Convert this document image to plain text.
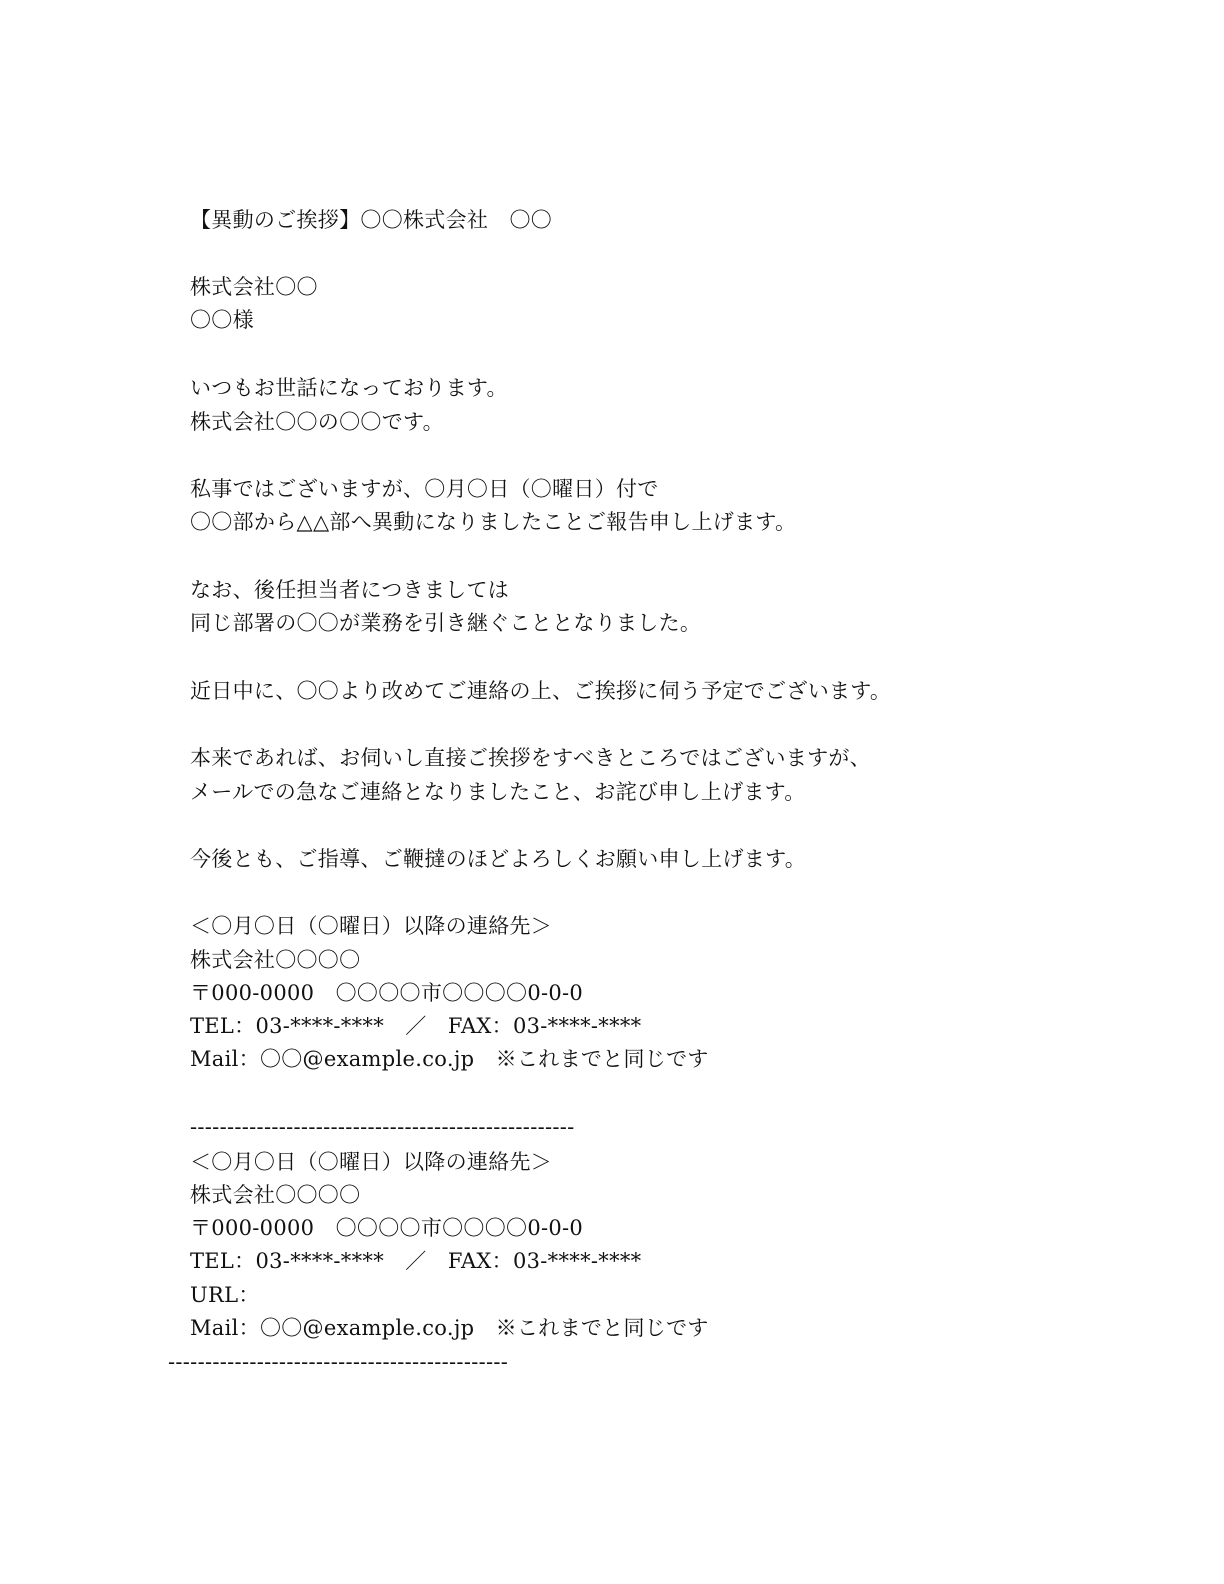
【異動のご挨拶】〇〇株式会社　〇〇
株式会社〇〇
〇〇様
いつもお世話になっております。
株式会社〇〇の〇〇です。
私事ではございますが、〇月〇日（〇曜日）付で
〇〇部から△△部へ異動になりましたことご報告申し上げます。
なお、後任担当者につきましては
同じ部署の〇〇が業務を引き継ぐこととなりました。
近日中に、〇〇より改めてご連絡の上、ご挨拶に伺う予定でございます。
本来であれば、お伺いし直接ご挨拶をすべきところではございますが、
メールでの急なご連絡となりましたこと、お詫び申し上げます。
今後とも、ご指導、ご鞭撻のほどよろしくお願い申し上げます。
＜〇月〇日（〇曜日）以降の連絡先＞
株式会社〇〇〇〇
〒000-0000　〇〇〇〇市〇〇〇〇0-0-0
TEL：03-****-****　／　FAX：03-****-****
Mail：〇〇@example.co.jp　※これまでと同じです
----------------------------------------------------
＜〇月〇日（〇曜日）以降の連絡先＞
株式会社〇〇〇〇
〒000-0000　〇〇〇〇市〇〇〇〇0-0-0
TEL：03-****-****　／　FAX：03-****-****
URL：
Mail：〇〇@example.co.jp　※これまでと同じです
----------------------------------------------
